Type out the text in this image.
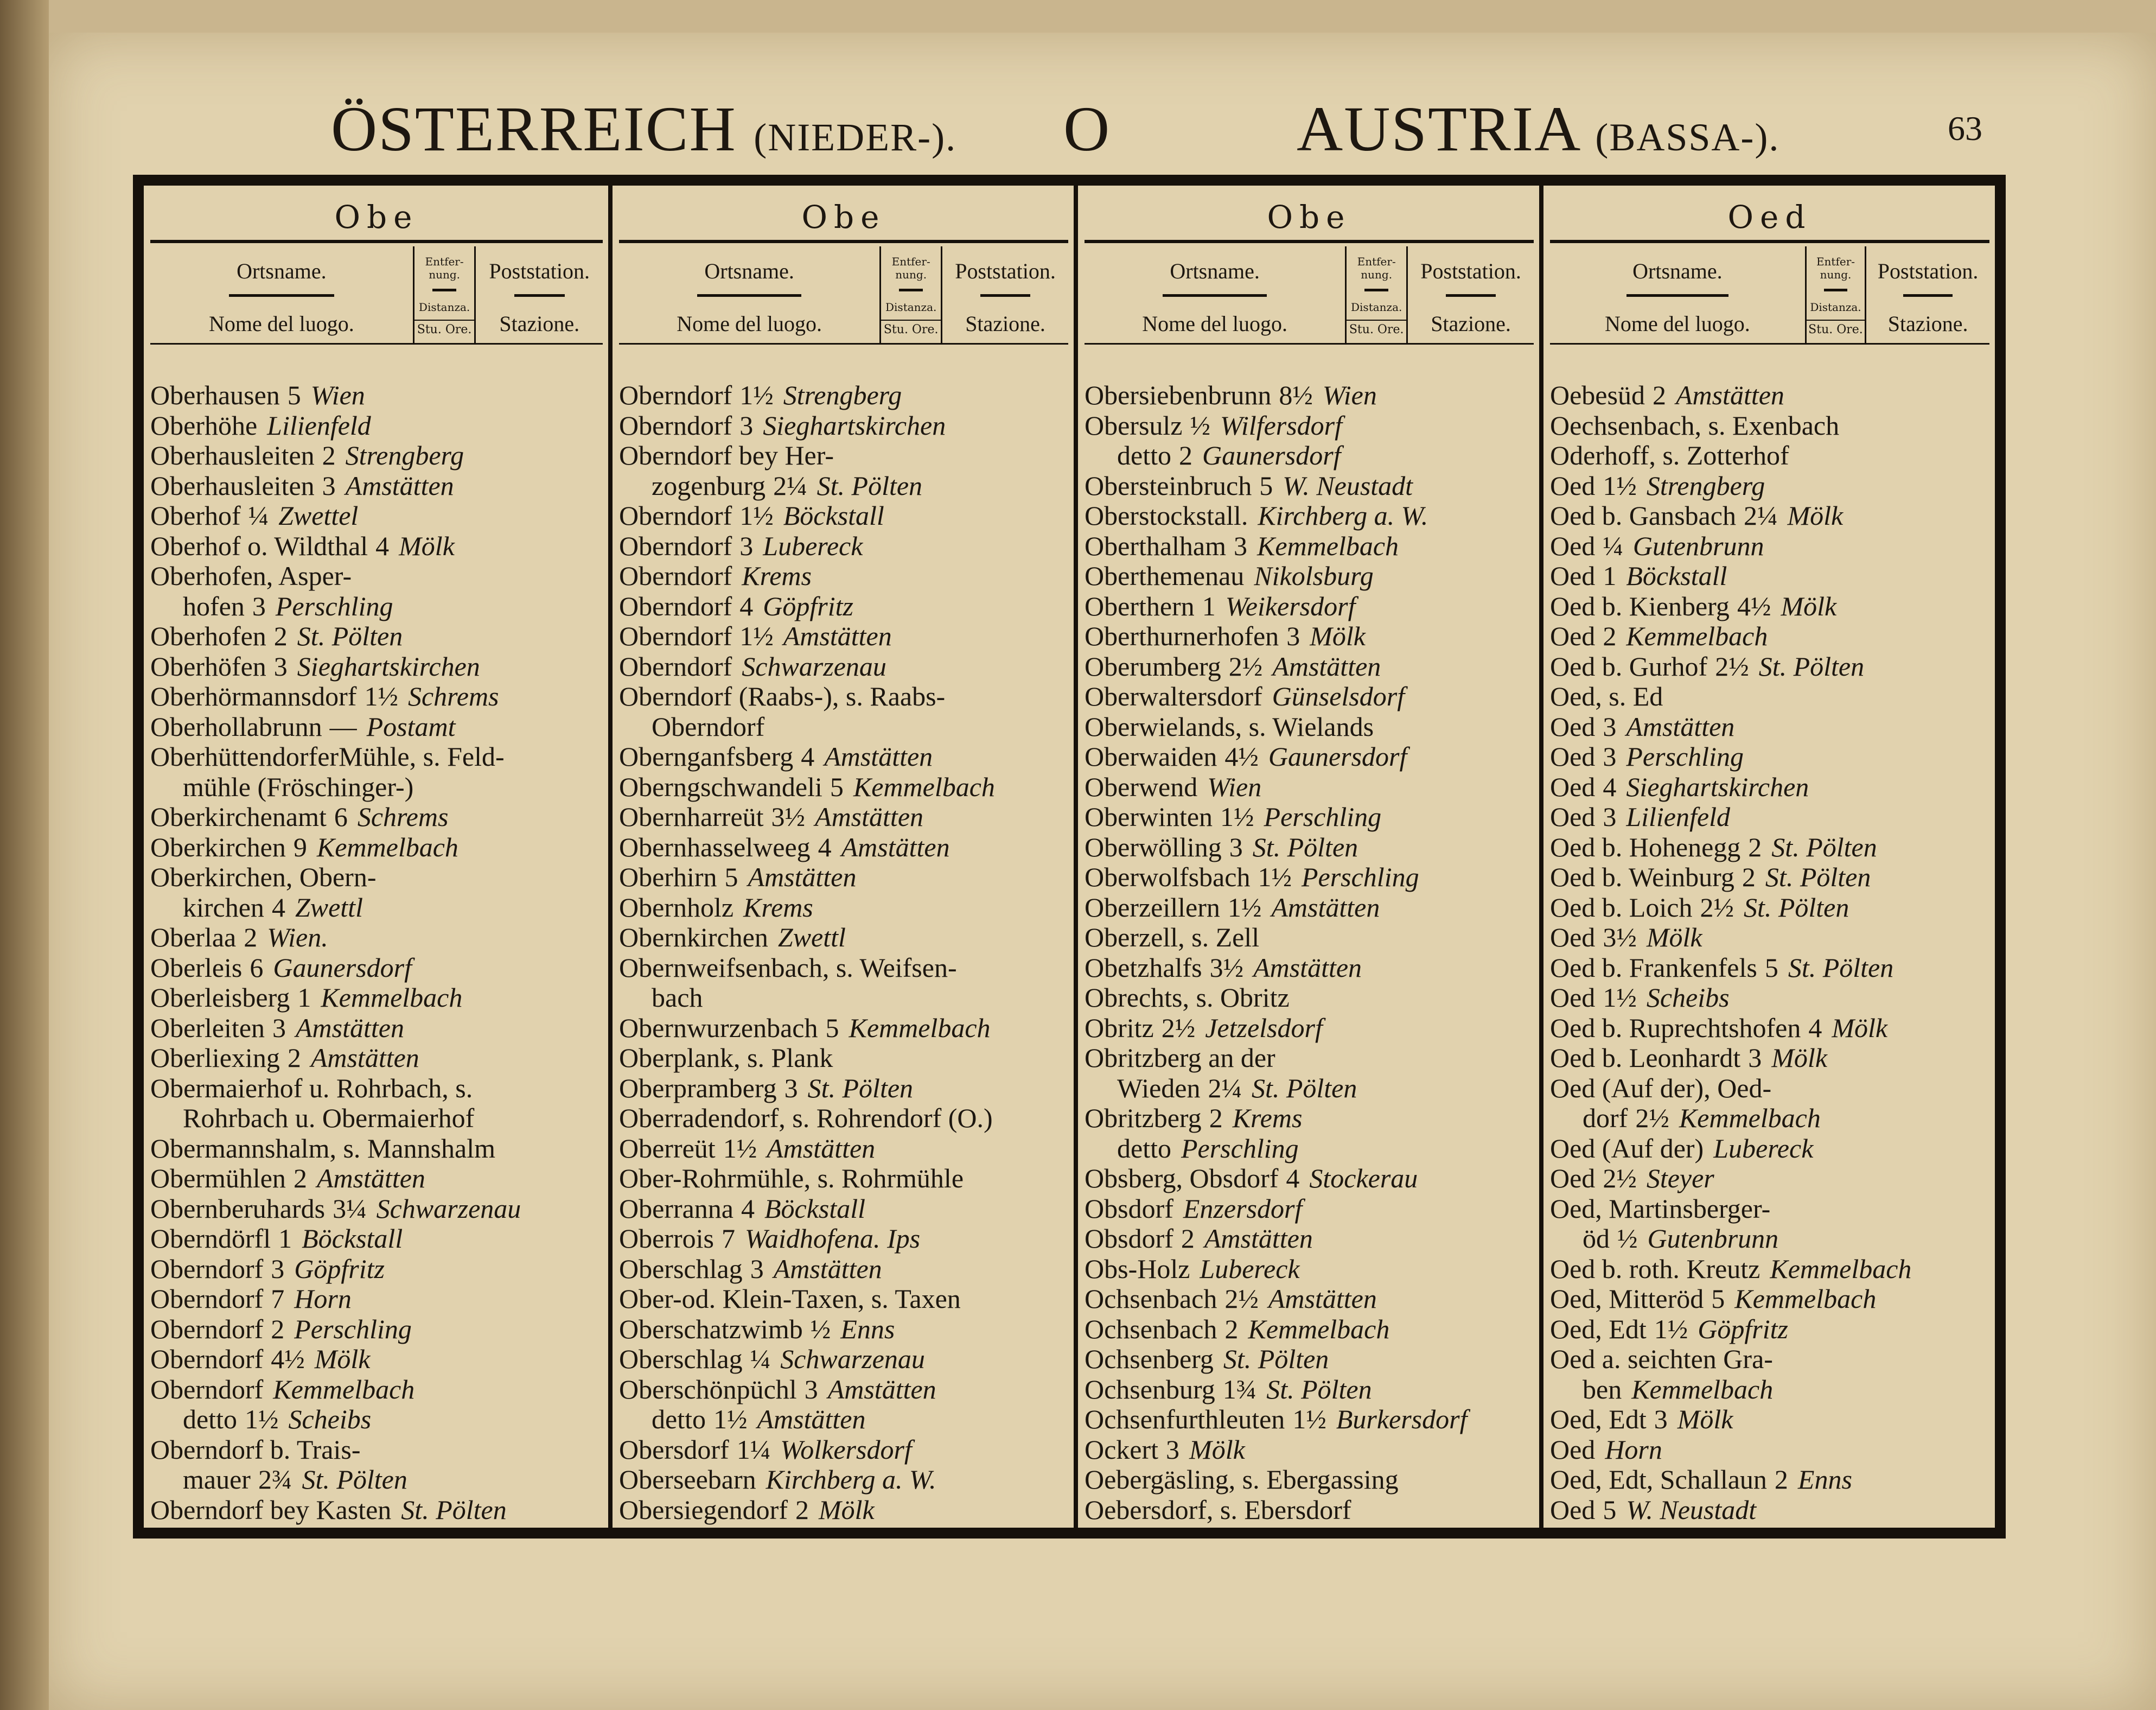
ÖSTERREICH (NIEDER-). O	AUSTRIA (BASSA-).	63
Obe
Ortsname.
Nome del luogo.
Entfer-nung.
Distanza.
Stu. Ore.
Poststation.
Stazione.
Oberhausen 5 Wien
Oberhöhe Lilienfeld
Oberhausleiten 2 Strengberg
Oberhausleiten 3 Amstätten
Oberhof ¼ Zwettel
Oberhof o. Wildthal 4 Mölk
Oberhofen, Asper-
hofen 3 Perschling
Oberhofen 2 St. Pölten
Oberhöfen 3 Sieghartskirchen
Oberhörmannsdorf 1½ Schrems
Oberhollabrunn — Postamt
OberhüttendorferMühle, s. Feld-
mühle (Fröschinger-)
Oberkirchenamt 6 Schrems
Oberkirchen 9 Kemmelbach
Oberkirchen, Obern-
kirchen 4 Zwettl
Oberlaa 2 Wien.
Oberleis 6 Gaunersdorf
Oberleisberg 1 Kemmelbach
Oberleiten 3 Amstätten
Oberliexing 2 Amstätten
Obermaierhof u. Rohrbach, s.
Rohrbach u. Obermaierhof
Obermannshalm, s. Mannshalm
Obermühlen 2 Amstätten
Obernberuhards 3¼ Schwarzenau
Oberndörfl 1 Böckstall
Oberndorf 3 Göpfritz
Oberndorf 7 Horn
Oberndorf 2 Perschling
Oberndorf 4½ Mölk
Oberndorf Kemmelbach
detto 1½ Scheibs
Oberndorf b. Trais-
mauer 2¾ St. Pölten
Oberndorf bey Kasten St. Pölten
Obe
Ortsname.
Nome del luogo.
Entfer-nung.
Distanza.
Stu. Ore.
Poststation.
Stazione.
Oberndorf 1½ Strengberg
Oberndorf 3 Sieghartskirchen
Oberndorf bey Her-
zogenburg 2¼ St. Pölten
Oberndorf 1½ Böckstall
Oberndorf 3 Lubereck
Oberndorf Krems
Oberndorf 4 Göpfritz
Oberndorf 1½ Amstätten
Oberndorf Schwarzenau
Oberndorf (Raabs-), s. Raabs-
Oberndorf
Obernganfsberg 4 Amstätten
Oberngschwandeli 5 Kemmelbach
Obernharreüt 3½ Amstätten
Obernhasselweeg 4 Amstätten
Oberhirn 5 Amstätten
Obernholz Krems
Obernkirchen Zwettl
Obernweifsenbach, s. Weifsen-
bach
Obernwurzenbach 5 Kemmelbach
Oberplank, s. Plank
Oberpramberg 3 St. Pölten
Oberradendorf, s. Rohrendorf (O.)
Oberreüt 1½ Amstätten
Ober-Rohrmühle, s. Rohrmühle
Oberranna 4 Böckstall
Oberrois 7 Waidhofena. Ips
Oberschlag 3 Amstätten
Ober-od. Klein-Taxen, s. Taxen
Oberschatzwimb ½ Enns
Oberschlag ¼ Schwarzenau
Oberschönpüchl 3 Amstätten
detto 1½ Amstätten
Obersdorf 1¼ Wolkersdorf
Oberseebarn Kirchberg a. W.
Obersiegendorf 2 Mölk
Obe
Ortsname.
Nome del luogo.
Entfer-nung.
Distanza.
Stu. Ore.
Poststation.
Stazione.
Obersiebenbrunn 8½ Wien
Obersulz ½ Wilfersdorf
detto 2 Gaunersdorf
Obersteinbruch 5 W. Neustadt
Oberstockstall. Kirchberg a. W.
Oberthalham 3 Kemmelbach
Oberthemenau Nikolsburg
Oberthern 1 Weikersdorf
Oberthurnerhofen 3 Mölk
Oberumberg 2½ Amstätten
Oberwaltersdorf Günselsdorf
Oberwielands, s. Wielands
Oberwaiden 4½ Gaunersdorf
Oberwend Wien
Oberwinten 1½ Perschling
Oberwölling 3 St. Pölten
Oberwolfsbach 1½ Perschling
Oberzeillern 1½ Amstätten
Oberzell, s. Zell
Obetzhalfs 3½ Amstätten
Obrechts, s. Obritz
Obritz 2½ Jetzelsdorf
Obritzberg an der
Wieden 2¼ St. Pölten
Obritzberg 2 Krems
detto Perschling
Obsberg, Obsdorf 4 Stockerau
Obsdorf Enzersdorf
Obsdorf 2 Amstätten
Obs-Holz Lubereck
Ochsenbach 2½ Amstätten
Ochsenbach 2 Kemmelbach
Ochsenberg St. Pölten
Ochsenburg 1¾ St. Pölten
Ochsenfurthleuten 1½ Burkersdorf
Ockert 3 Mölk
Oebergäsling, s. Ebergassing
Oebersdorf, s. Ebersdorf
Oed
Ortsname.
Nome del luogo.
Entfer-nung.
Distanza.
Stu. Ore.
Poststation.
Stazione.
Oebesüd 2 Amstätten
Oechsenbach, s. Exenbach
Oderhoff, s. Zotterhof
Oed 1½ Strengberg
Oed b. Gansbach 2¼ Mölk
Oed ¼ Gutenbrunn
Oed 1 Böckstall
Oed b. Kienberg 4½ Mölk
Oed 2 Kemmelbach
Oed b. Gurhof 2½ St. Pölten
Oed, s. Ed
Oed 3 Amstätten
Oed 3 Perschling
Oed 4 Sieghartskirchen
Oed 3 Lilienfeld
Oed b. Hohenegg 2 St. Pölten
Oed b. Weinburg 2 St. Pölten
Oed b. Loich 2½ St. Pölten
Oed 3½ Mölk
Oed b. Frankenfels 5 St. Pölten
Oed 1½ Scheibs
Oed b. Ruprechtshofen 4 Mölk
Oed b. Leonhardt 3 Mölk
Oed (Auf der), Oed-
dorf 2½ Kemmelbach
Oed (Auf der) Lubereck
Oed 2½ Steyer
Oed, Martinsberger-
öd ½ Gutenbrunn
Oed b. roth. Kreutz Kemmelbach
Oed, Mitteröd 5 Kemmelbach
Oed, Edt 1½ Göpfritz
Oed a. seichten Gra-
ben Kemmelbach
Oed, Edt 3 Mölk
Oed Horn
Oed, Edt, Schallaun 2 Enns
Oed 5 W. Neustadt
